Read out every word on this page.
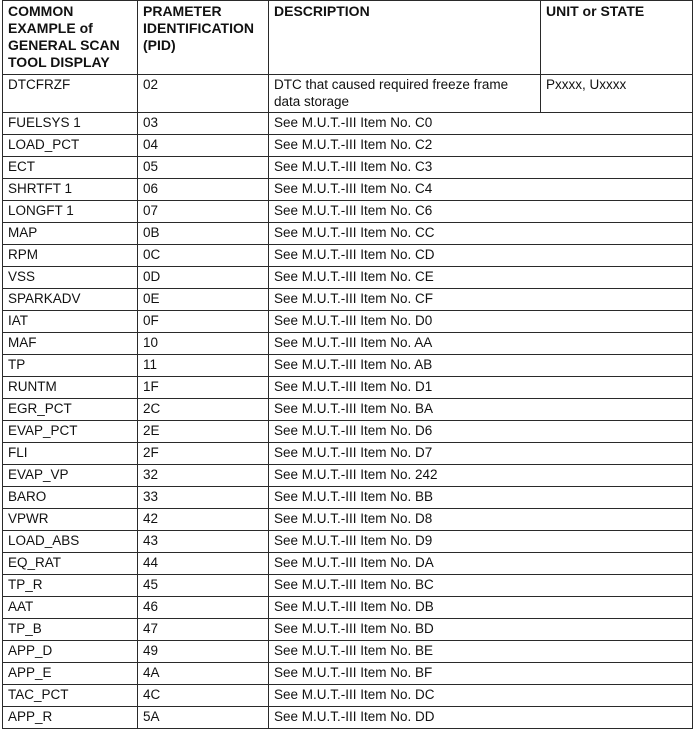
COMMON EXAMPLE of GENERAL SCAN TOOL DISPLAY	PRAMETER IDENTIFICATION (PID)	DESCRIPTION	UNIT or STATE
DTCFRZF	02	DTC that caused required freeze frame data storage	Pxxxx, Uxxxx
FUELSYS 1	03	See M.U.T.-III Item No. C0	
LOAD_PCT	04	See M.U.T.-III Item No. C2	
ECT	05	See M.U.T.-III Item No. C3	
SHRTFT 1	06	See M.U.T.-III Item No. C4	
LONGFT 1	07	See M.U.T.-III Item No. C6	
MAP	0B	See M.U.T.-III Item No. CC	
RPM	0C	See M.U.T.-III Item No. CD	
VSS	0D	See M.U.T.-III Item No. CE	
SPARKADV	0E	See M.U.T.-III Item No. CF	
IAT	0F	See M.U.T.-III Item No. D0	
MAF	10	See M.U.T.-III Item No. AA	
TP	11	See M.U.T.-III Item No. AB	
RUNTM	1F	See M.U.T.-III Item No. D1	
EGR_PCT	2C	See M.U.T.-III Item No. BA	
EVAP_PCT	2E	See M.U.T.-III Item No. D6	
FLI	2F	See M.U.T.-III Item No. D7	
EVAP_VP	32	See M.U.T.-III Item No. 242	
BARO	33	See M.U.T.-III Item No. BB	
VPWR	42	See M.U.T.-III Item No. D8	
LOAD_ABS	43	See M.U.T.-III Item No. D9	
EQ_RAT	44	See M.U.T.-III Item No. DA	
TP_R	45	See M.U.T.-III Item No. BC	
AAT	46	See M.U.T.-III Item No. DB	
TP_B	47	See M.U.T.-III Item No. BD	
APP_D	49	See M.U.T.-III Item No. BE	
APP_E	4A	See M.U.T.-III Item No. BF	
TAC_PCT	4C	See M.U.T.-III Item No. DC	
APP_R	5A	See M.U.T.-III Item No. DD	
